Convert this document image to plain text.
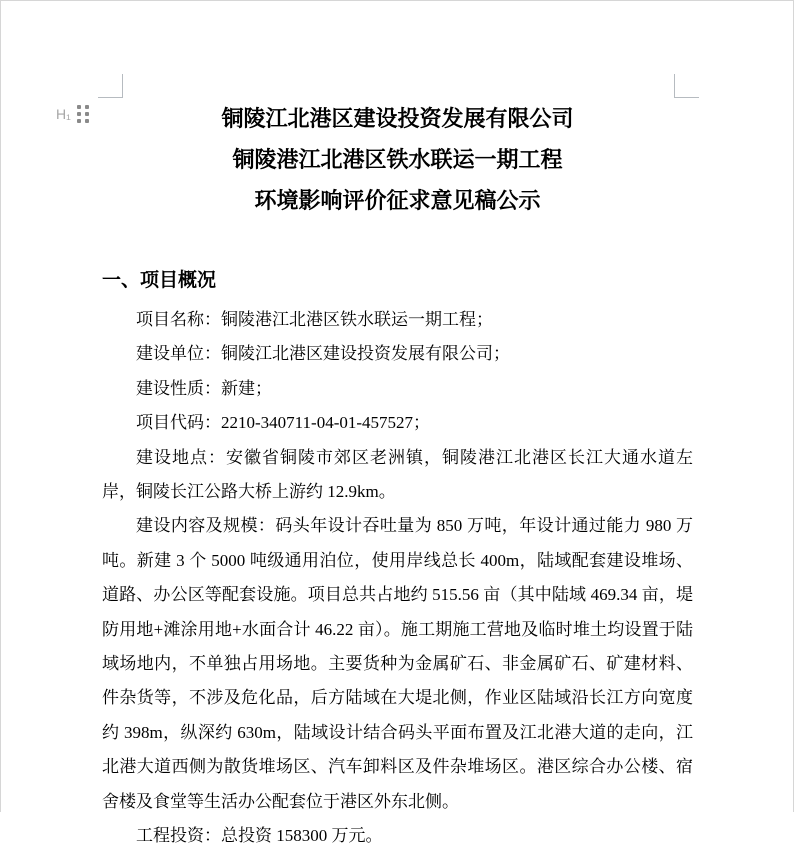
H₁	铜陵江北港区建设投资发展有限公司
铜陵港江北港区铁水联运一期工程
环境影响评价征求意见稿公示
一、项目概况

项目名称：铜陵港江北港区铁水联运一期工程；

建设单位：铜陵江北港区建设投资发展有限公司；

建设性质：新建；

项目代码：2210-340711-04-01-457527；

建设地点：安徽省铜陵市郊区老洲镇，铜陵港江北港区长江大通水道左岸，铜陵长江公路大桥上游约 12.9km。

建设内容及规模：码头年设计吞吐量为 850 万吨，年设计通过能力 980 万吨。新建 3 个 5000 吨级通用泊位，使用岸线总长 400m，陆域配套建设堆场、道路、办公区等配套设施。项目总共占地约 515.56 亩（其中陆域 469.34 亩，堤防用地+滩涂用地+水面合计 46.22 亩）。施工期施工营地及临时堆土均设置于陆域场地内，不单独占用场地。主要货种为金属矿石、非金属矿石、矿建材料、件杂货等，不涉及危化品，后方陆域在大堤北侧，作业区陆域沿长江方向宽度约 398m，纵深约 630m，陆域设计结合码头平面布置及江北港大道的走向，江北港大道西侧为散货堆场区、汽车卸料区及件杂堆场区。港区综合办公楼、宿舍楼及食堂等生活办公配套位于港区外东北侧。

工程投资：总投资 158300 万元。
